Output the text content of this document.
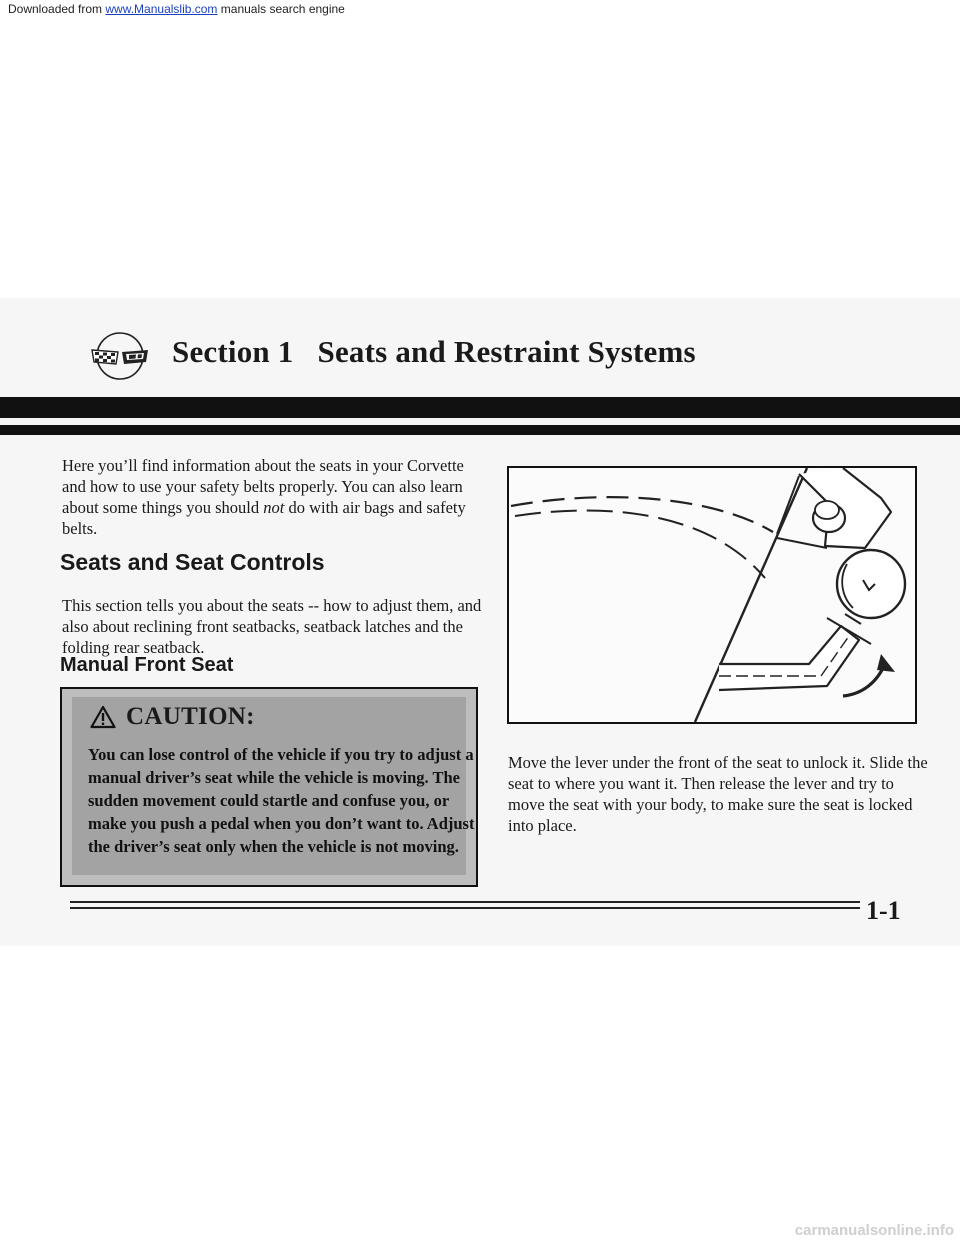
Downloaded from www.Manualslib.com manuals search engine
Section 1 Seats and Restraint Systems
Here you’ll find information about the seats in your Corvette and how to use your safety belts properly. You can also learn about some things you should not do with air bags and safety belts.
Seats and Seat Controls
This section tells you about the seats -- how to adjust them, and also about reclining front seatbacks, seatback latches and the folding rear seatback.
Manual Front Seat
CAUTION:
You can lose control of the vehicle if you try to adjust a manual driver’s seat while the vehicle is moving. The sudden movement could startle and confuse you, or make you push a pedal when you don’t want to. Adjust the driver’s seat only when the vehicle is not moving.
Move the lever under the front of the seat to unlock it. Slide the seat to where you want it. Then release the lever and try to move the seat with your body, to make sure the seat is locked into place.
1-1
carmanualsonline.info
